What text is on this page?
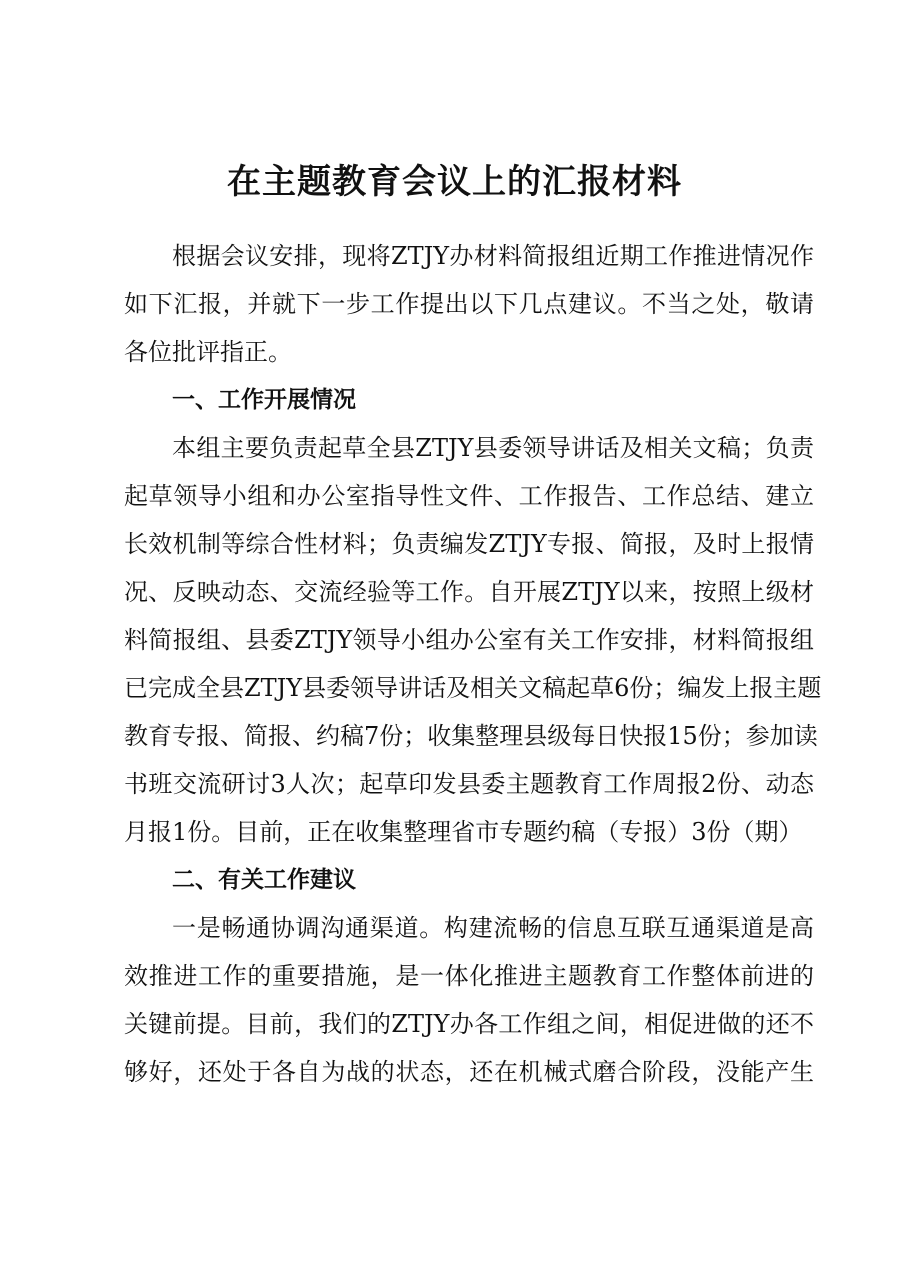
在主题教育会议上的汇报材料
根据会议安排，现将ZTJY办材料简报组近期工作推进情况作
如下汇报，并就下一步工作提出以下几点建议。不当之处，敬请
各位批评指正。
一、工作开展情况
本组主要负责起草全县ZTJY县委领导讲话及相关文稿；负责
起草领导小组和办公室指导性文件、工作报告、工作总结、建立
长效机制等综合性材料；负责编发ZTJY专报、简报，及时上报情
况、反映动态、交流经验等工作。自开展ZTJY以来，按照上级材
料简报组、县委ZTJY领导小组办公室有关工作安排，材料简报组
已完成全县ZTJY县委领导讲话及相关文稿起草6份；编发上报主题
教育专报、简报、约稿7份；收集整理县级每日快报15份；参加读
书班交流研讨3人次；起草印发县委主题教育工作周报2份、动态
月报1份。目前，正在收集整理省市专题约稿（专报）3份（期）
二、有关工作建议
一是畅通协调沟通渠道。构建流畅的信息互联互通渠道是高
效推进工作的重要措施，是一体化推进主题教育工作整体前进的
关键前提。目前，我们的ZTJY办各工作组之间，相促进做的还不
够好，还处于各自为战的状态，还在机械式磨合阶段，没能产生
